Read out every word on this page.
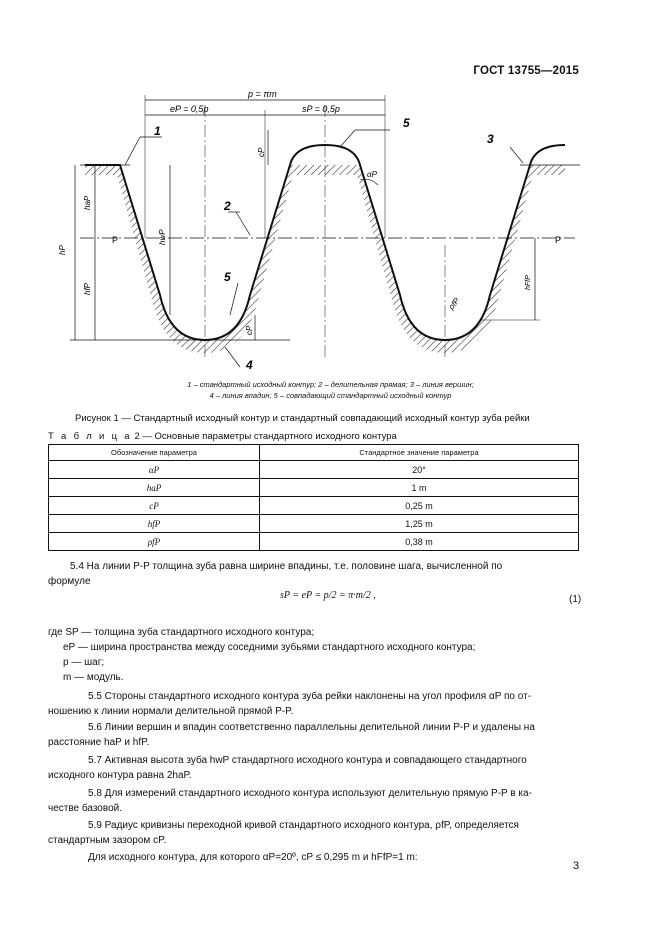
ГОСТ 13755—2015
p = πm
eP = 0,5p	sP = 0,5p
1
2
3
4
5
5
P	P
hP
hfP
haP
hwP
cP
cP
hFfP
αP
ρfP
1 – стандартный исходный контур; 2 – делительная прямая; 3 – линия вершин;
4 – линия впадин; 5 – совпадающий стандартный исходный контур
Рисунок 1 — Стандартный исходный контур и стандартный совпадающий исходный контур зуба рейки
Т а б л и ц а 2 — Основные параметры стандартного исходного контура
Обозначение параметра	Стандартное значение параметра
αP	20°
haP	1 m
cP	0,25 m
hfP	1,25 m
ρfP	0,38 m
5.4 На линии P-P толщина зуба равна ширине впадины, т.е. половине шага, вычисленной по
формуле
sP = eP = p/2 = π·m/2 ,	(1)
где SP — толщина зуба стандартного исходного контура;
eP — ширина пространства между соседними зубьями стандартного исходного контура;
p — шаг;
m — модуль.
5.5 Стороны стандартного исходного контура зуба рейки наклонены на угол профиля αP по от-
ношению к линии нормали делительной прямой P-P.
5.6 Линии вершин и впадин соответственно параллельны делительной линии P-P и удалены на
расстояние haP и hfP.
5.7 Активная высота зуба hwP стандартного исходного контура и совпадающего стандартного
исходного контура равна 2haP.
5.8 Для измерений стандартного исходного контура используют делительную прямую P-P в ка-
честве базовой.
5.9 Радиус кривизны переходной кривой стандартного исходного контура, ρfP, определяется
стандартным зазором cP.
Для исходного контура, для которого αP=20º, cP ≤ 0,295 m и hFfP=1 m:
3
